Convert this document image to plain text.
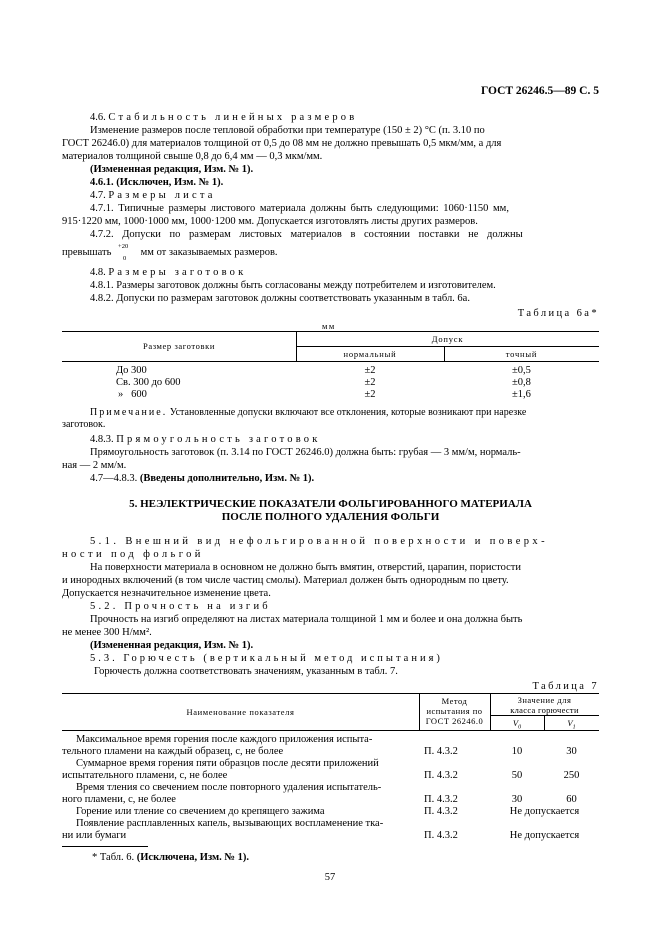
ГОСТ 26246.5—89 С. 5
4.6. Стабильность линейных размеров
Изменение размеров после тепловой обработки при температуре (150 ± 2) °С (п. 3.10 по
ГОСТ 26246.0) для материалов толщиной от 0,5 до 08 мм не должно превышать 0,5 мкм/мм, а для
материалов толщиной свыше 0,8 до 6,4 мм — 0,3 мкм/мм.
(Измененная редакция, Изм. № 1).
4.6.1. (Исключен, Изм. № 1).
4.7. Размеры листа
4.7.1. Типичные размеры листового материала должны быть следующими: 1060·1150 мм,
915·1220 мм, 1000·1000 мм, 1000·1200 мм. Допускается изготовлять листы других размеров.
4.7.2. Допуски по размерам листовых материалов в состоянии поставки не должны
превышать
+20
0
мм от заказываемых размеров.
4.8. Размеры заготовок
4.8.1. Размеры заготовок должны быть согласованы между потребителем и изготовителем.
4.8.2. Допуски по размерам заготовок должны соответствовать указанным в табл. 6а.
Таблица 6а*
мм
Размер заготовки
Допуск
нормальный	точный
До 300	±2	±0,5
Св. 300 до 600	±2	±0,8
»   600	±2	±1,6
Примечание. Установленные допуски включают все отклонения, которые возникают при нарезке
заготовок.
4.8.3. Прямоугольность заготовок
Прямоугольность заготовок (п. 3.14 по ГОСТ 26246.0) должна быть: грубая — 3 мм/м, нормаль-
ная — 2 мм/м.
4.7—4.8.3. (Введены дополнительно, Изм. № 1).
5. НЕЭЛЕКТРИЧЕСКИЕ ПОКАЗАТЕЛИ ФОЛЬГИРОВАННОГО МАТЕРИАЛА
ПОСЛЕ ПОЛНОГО УДАЛЕНИЯ ФОЛЬГИ
5.1. Внешний вид нефольгированной поверхности и поверх-
ности под фольгой
На поверхности материала в основном не должно быть вмятин, отверстий, царапин, пористости
и инородных включений (в том числе частиц смолы). Материал должен быть однородным по цвету.
Допускается незначительное изменение цвета.
5.2. Прочность на изгиб
Прочность на изгиб определяют на листах материала толщиной 1 мм и более и она должна быть
не менее 300 Н/мм².
(Измененная редакция, Изм. № 1).
5.3. Горючесть (вертикальный метод испытания)
Горючесть должна соответствовать значениям, указанным в табл. 7.
Таблица 7
Наименование показателя
Метод
испытания по
ГОСТ 26246.0
Значение для
класса горючести
$V_0$	$V_1$
Максимальное время горения после каждого приложения испыта-
тельного пламени на каждый образец, с, не более	П. 4.3.2	10	30
Суммарное время горения пяти образцов после десяти приложений
испытательного пламени, с, не более	П. 4.3.2	50	250
Время тления со свечением после повторного удаления испытатель-
ного пламени, с, не более	П. 4.3.2	30	60
Горение или тление со свечением до крепящего зажима	П. 4.3.2	Не допускается
Появление расплавленных капель, вызывающих воспламенение тка-
ни или бумаги	П. 4.3.2	Не допускается
* Табл. 6. (Исключена, Изм. № 1).
57
